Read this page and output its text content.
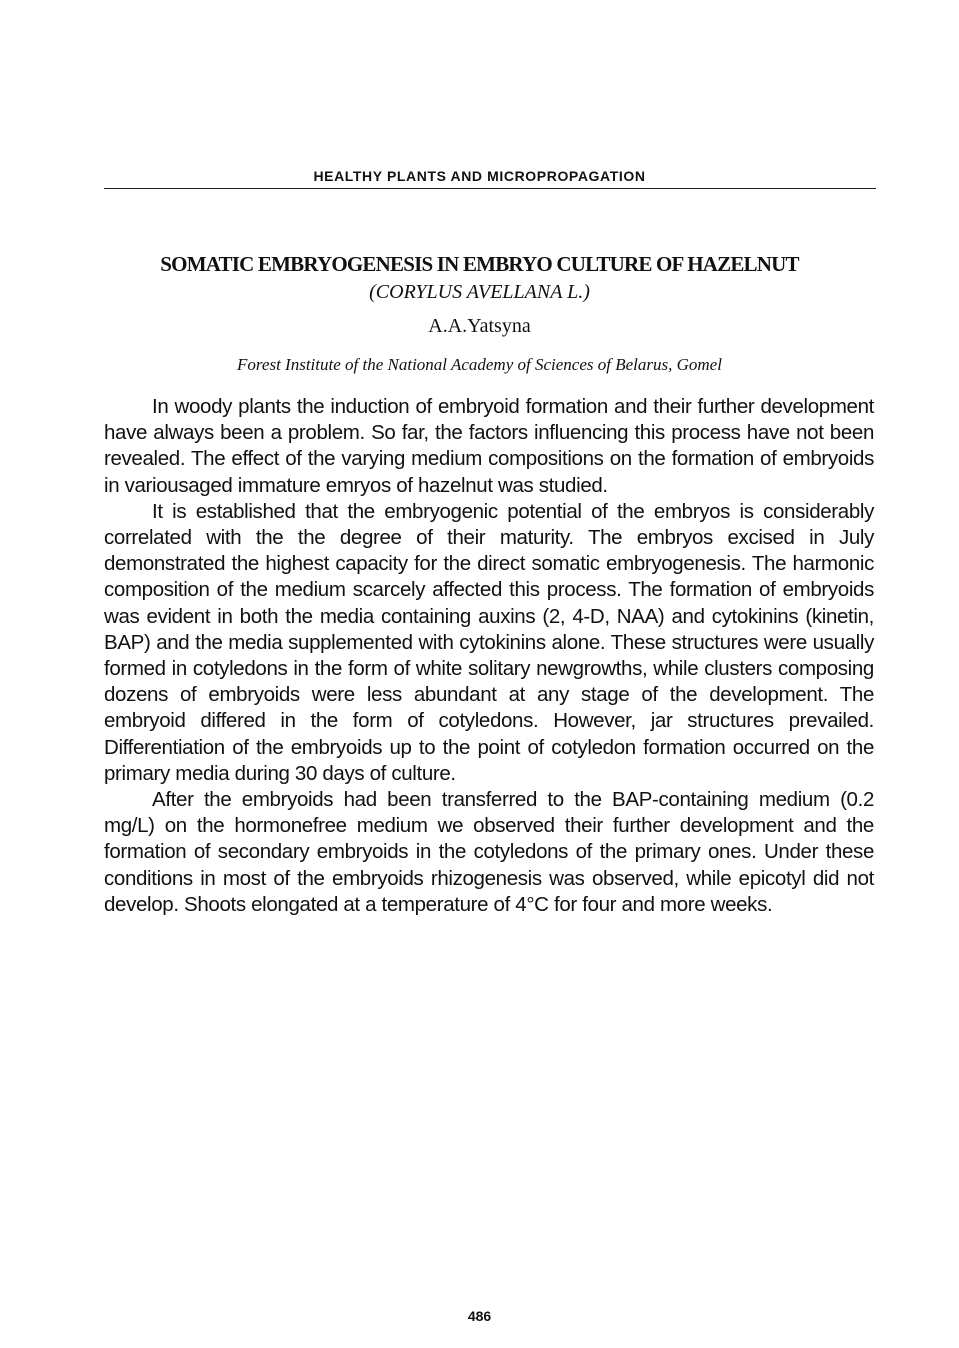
HEALTHY PLANTS AND MICROPROPAGATION
SOMATIC EMBRYOGENESIS IN EMBRYO CULTURE OF HAZELNUT
(CORYLUS AVELLANA L.)
A.A.Yatsyna
Forest Institute of the National Academy of Sciences of Belarus, Gomel

In woody plants the induction of embryoid formation and their further development have always been a problem. So far, the factors influencing this process have not been revealed. The effect of the varying medium compositions on the formation of embryoids in variousaged immature emryos of hazelnut was studied.

It is established that the embryogenic potential of the embryos is considerably correlated with the the degree of their maturity. The embryos excised in July demonstrated the highest capacity for the direct somatic embryogenesis. The harmonic composition of the medium scarcely affected this process. The formation of embryoids was evident in both the media containing auxins (2, 4-D, NAA) and cytokinins (kinetin, BAP) and the media supplemented with cytokinins alone. These structures were usually formed in cotyledons in the form of white solitary newgrowths, while clusters composing dozens of embryoids were less abundant at any stage of the development. The embryoid differed in the form of cotyledons. However, jar structures prevailed. Differentiation of the embryoids up to the point of cotyledon formation occurred on the primary media during 30 days of culture.

After the embryoids had been transferred to the BAP-containing medium (0.2 mg/L) on the hormonefree medium we observed their further development and the formation of secondary embryoids in the cotyledons of the primary ones. Under these conditions in most of the embryoids rhizogenesis was observed, while epicotyl did not develop. Shoots elongated at a temperature of 4°C for four and more weeks.

486
